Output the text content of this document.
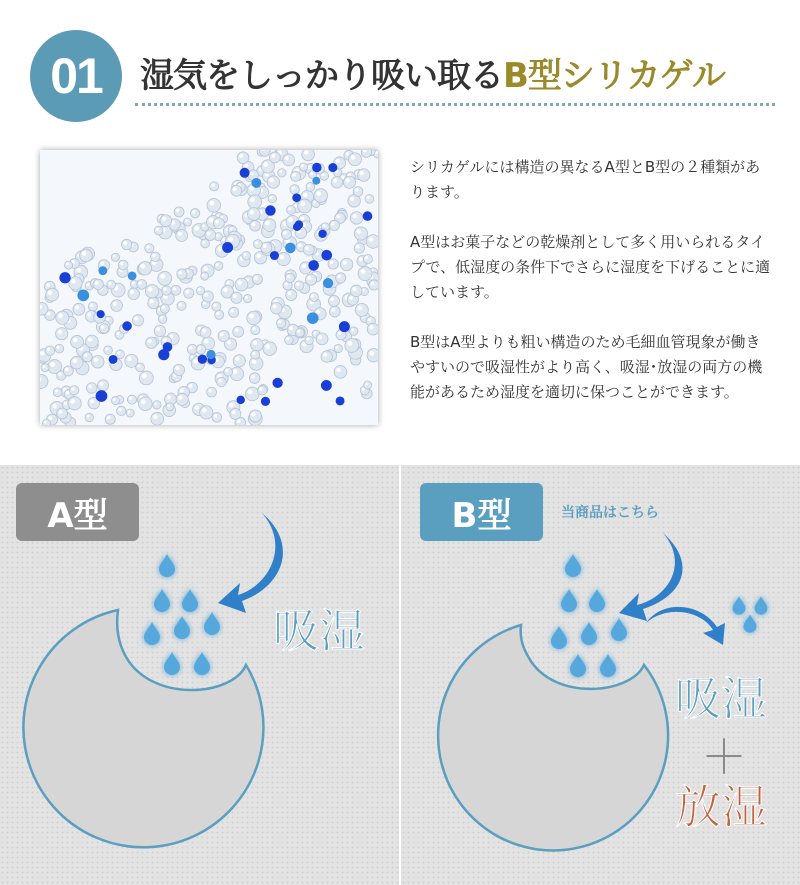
01	湿気をしっかり吸い取るB型シリカゲル

シリカゲルには構造の異なるA型とB型の２種類があります。

A型はお菓子などの乾燥剤として多く用いられるタイプで、低湿度の条件下でさらに湿度を下げることに適しています。

B型はA型よりも粗い構造のため毛細血管現象が働きやすいので吸湿性がより高く、吸湿･放湿の両方の機能があるため湿度を適切に保つことができます。

A型
吸湿
B型	当商品はこちら
吸湿
＋
放湿
